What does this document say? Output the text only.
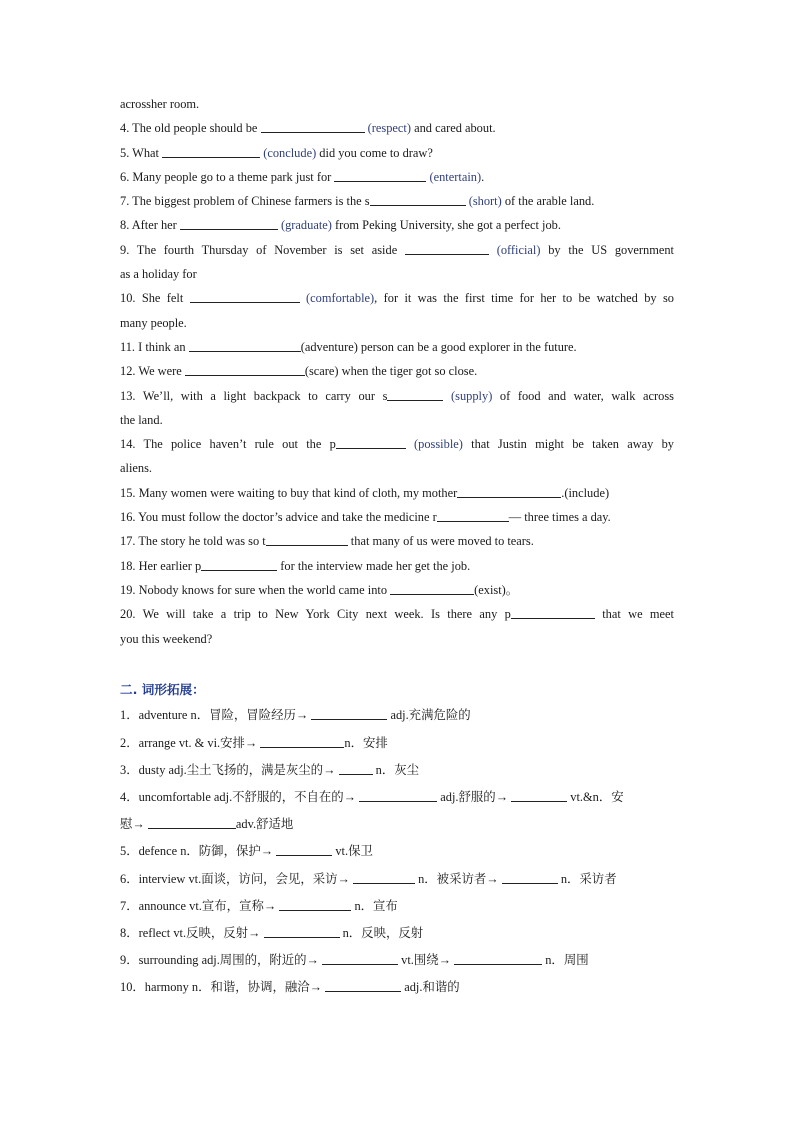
acrossher room.
4. The old people should be	(respect) and cared about.
5. What	(conclude) did you come to draw?
6. Many people go to a theme park just for	(entertain).
7. The biggest problem of Chinese farmers is the s	(short) of the arable land.
8. After her	(graduate) from Peking University, she got a perfect job.
9. The fourth Thursday of November is set aside	(official) by the US government
as a holiday for
10. She felt	(comfortable), for it was the first time for her to be watched by so
many people.
11. I think an	(adventure) person can be a good explorer in the future.
12. We were	(scare) when the tiger got so close.
13. We’ll, with a light backpack to carry our s	(supply) of food and water, walk across
the land.
14. The police haven’t rule out the p	(possible) that Justin might be taken away by
aliens.
15. Many women were waiting to buy that kind of cloth, my mother	.(include)
16. You must follow the doctor’s advice and take the medicine r	— three times a day.
17. The story he told was so t	that many of us were moved to tears.
18. Her earlier p	for the interview made her get the job.
19. Nobody knows for sure when the world came into	(exist)。
20. We will take a trip to New York City next week. Is there any p	that we meet
you this weekend?
二. 词形拓展：
1．adventure n．冒险，冒险经历→	adj.充满危险的
2．arrange vt. & vi.安排→	n．安排
3．dusty adj.尘土飞扬的，满是灰尘的→	n．灰尘
4．uncomfortable adj.不舒服的，不自在的→	adj.舒服的→	vt.&n．安
慰→	adv.舒适地
5．defence n．防御，保护→	vt.保卫
6．interview vt.面谈，访问，会见，采访→	n．被采访者→	n．采访者
7．announce vt.宣布，宣称→	n．宣布
8．reflect vt.反映，反射→	n．反映，反射
9．surrounding adj.周围的，附近的→	vt.围绕→	n．周围
10．harmony n．和谐，协调，融洽→	adj.和谐的
